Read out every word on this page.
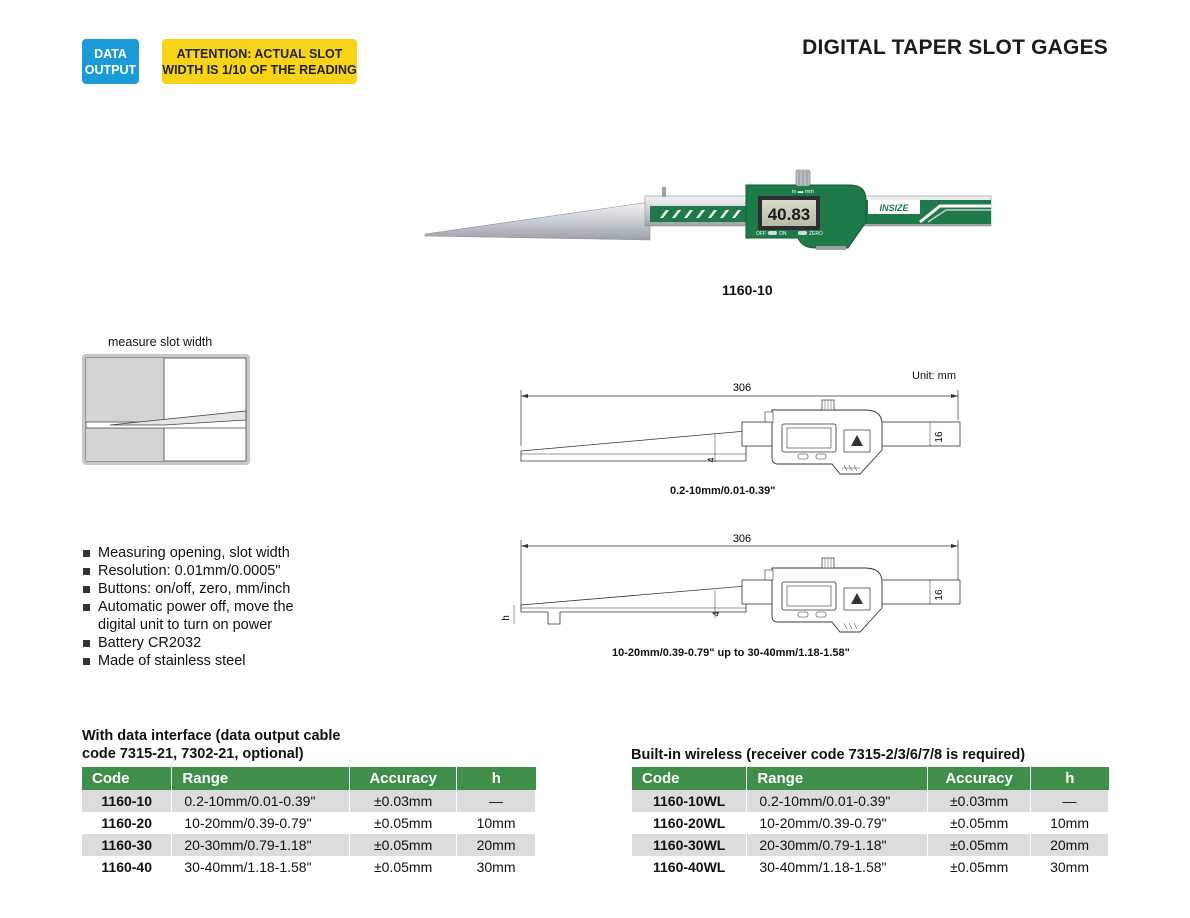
DATA
OUTPUT
ATTENTION: ACTUAL SLOT
WIDTH IS 1/10 OF THE READING
DIGITAL TAPER SLOT GAGES
40.83
in ▬ mm
OFF	ON	ZERO
INSIZE
1160-10
measure slot width
Unit: mm
306
16
4
0.2-10mm/0.01-0.39"
306
h
16
4
10-20mm/0.39-0.79" up to 30-40mm/1.18-1.58"
Measuring opening, slot width
Resolution: 0.01mm/0.0005"
Buttons: on/off, zero, mm/inch
Automatic power off, move the
digital unit to turn on power
Battery CR2032
Made of stainless steel
With data interface (data output cable
code 7315-21, 7302-21, optional)
Code	Range	Accuracy	h
1160-10	0.2-10mm/0.01-0.39"	±0.03mm	—
1160-20	10-20mm/0.39-0.79"	±0.05mm	10mm
1160-30	20-30mm/0.79-1.18"	±0.05mm	20mm
1160-40	30-40mm/1.18-1.58"	±0.05mm	30mm
Built-in wireless (receiver code 7315-2/3/6/7/8 is required)
Code	Range	Accuracy	h
1160-10WL	0.2-10mm/0.01-0.39"	±0.03mm	—
1160-20WL	10-20mm/0.39-0.79"	±0.05mm	10mm
1160-30WL	20-30mm/0.79-1.18"	±0.05mm	20mm
1160-40WL	30-40mm/1.18-1.58"	±0.05mm	30mm
